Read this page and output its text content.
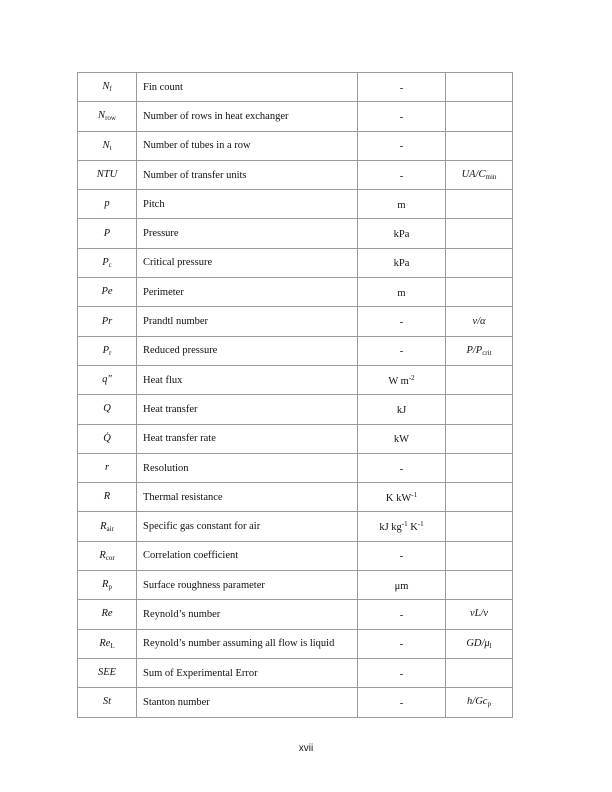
$N_f$	Fin count	-	
$N_{row}$	Number of rows in heat exchanger	-	
$N_t$	Number of tubes in a row	-	
NTU	Number of transfer units	-	$UA/C_{min}$
p	Pitch	m	
P	Pressure	kPa	
$P_c$	Critical pressure	kPa	
Pe	Perimeter	m	
Pr	Prandtl number	-	ν/α
$P_r$	Reduced pressure	-	$P/P_{crit}$
q"	Heat flux	W $m^{-2}$	
Q	Heat transfer	kJ	
Q̇	Heat transfer rate	kW	
r	Resolution	-	
R	Thermal resistance	K $kW^{-1}$	
$R_{air}$	Specific gas constant for air	kJ $kg^{-1}$ $K^{-1}$	
$R_{cor}$	Correlation coefficient	-	
$R_p$	Surface roughness parameter	μm	
Re	Reynold’s number	-	vL/ν
$Re_L$	Reynold’s number assuming all flow is liquid	-	$GD/\mu_l$
SEE	Sum of Experimental Error	-	
St	Stanton number	-	$h/Gc_p$
xvii
